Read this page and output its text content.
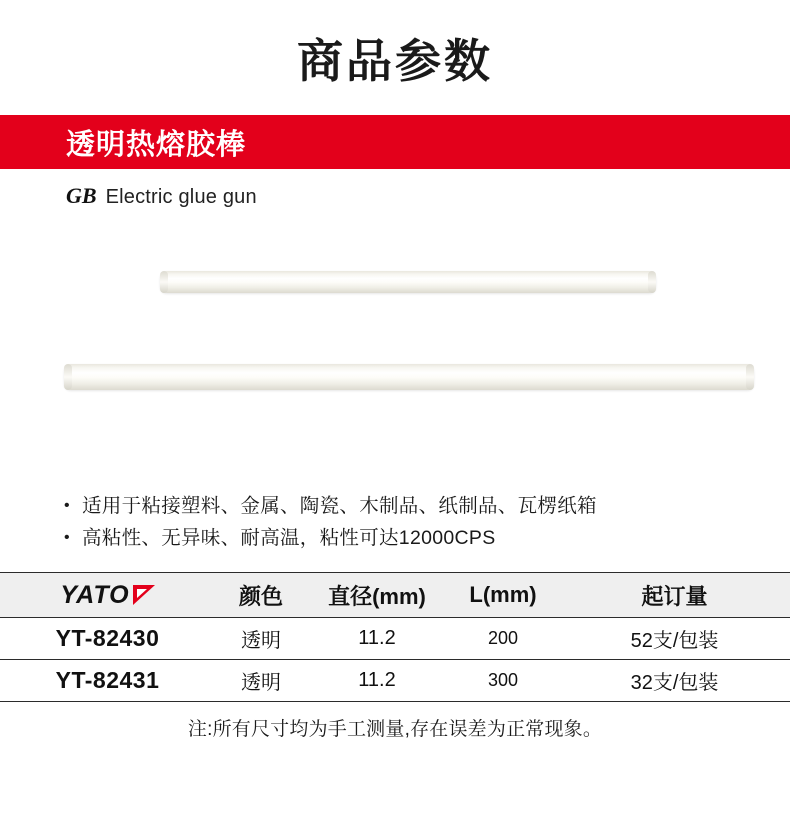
商品参数
透明热熔胶棒
GB Electric glue gun
• 适用于粘接塑料、金属、陶瓷、木制品、纸制品、瓦楞纸箱
• 高粘性、无异味、耐高温，粘性可达12000CPS
YATO	颜色	直径(mm)	L(mm)	起订量
YT-82430	透明	11.2	200	52支/包装
YT-82431	透明	11.2	300	32支/包装
注:所有尺寸均为手工测量,存在误差为正常现象。
